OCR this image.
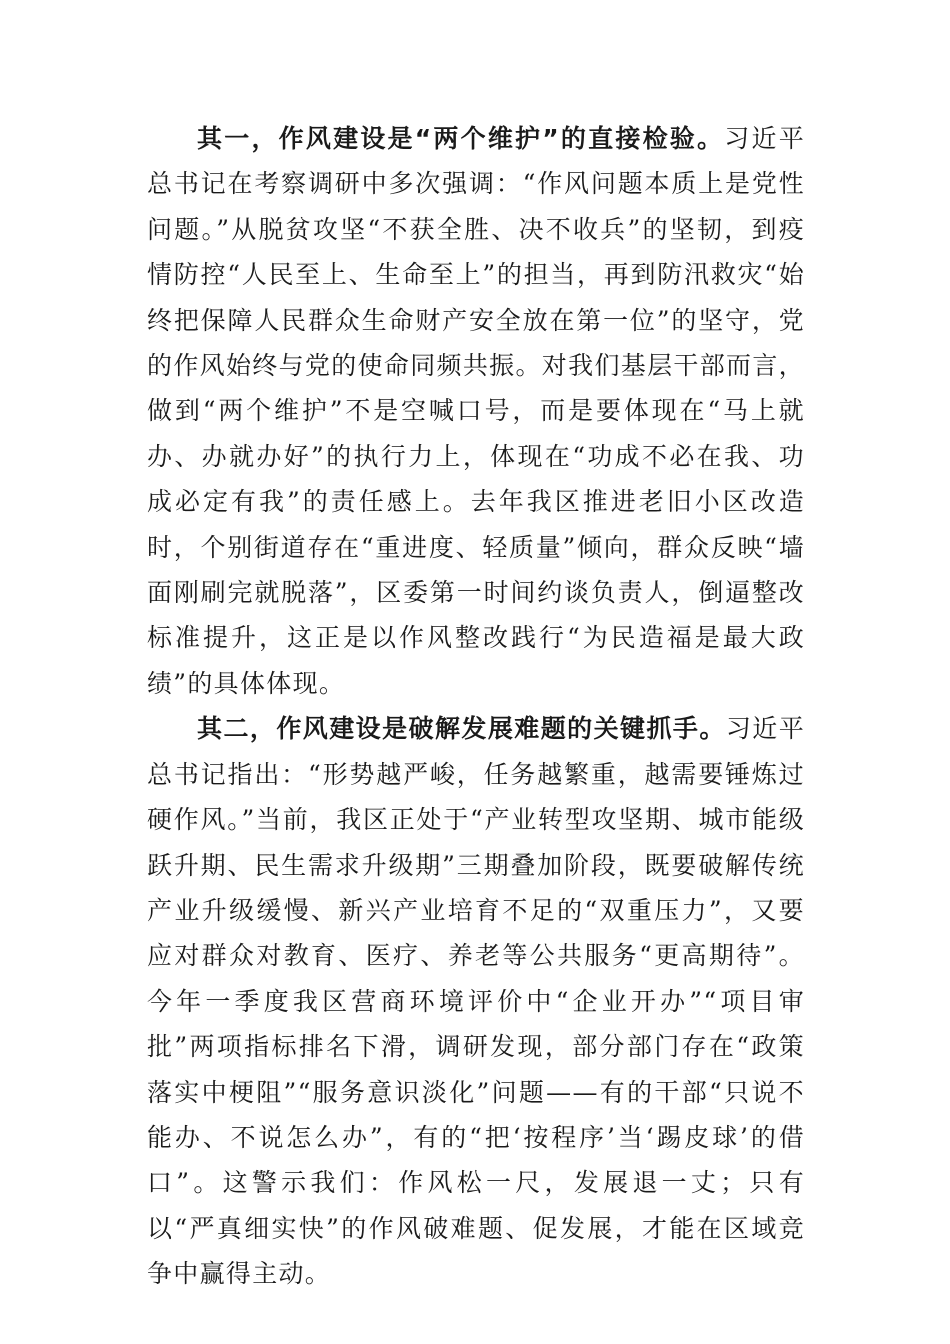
其一，作风建设是“两个维护”的直接检验。习近平总书记在考察调研中多次强调：“作风问题本质上是党性问题。”从脱贫攻坚“不获全胜、决不收兵”的坚韧，到疫情防控“人民至上、生命至上”的担当，再到防汛救灾“始终把保障人民群众生命财产安全放在第一位”的坚守，党的作风始终与党的使命同频共振。对我们基层干部而言，做到“两个维护”不是空喊口号，而是要体现在“马上就办、办就办好”的执行力上，体现在“功成不必在我、功成必定有我”的责任感上。去年我区推进老旧小区改造时，个别街道存在“重进度、轻质量”倾向，群众反映“墙面刚刷完就脱落”，区委第一时间约谈负责人，倒逼整改标准提升，这正是以作风整改践行“为民造福是最大政绩”的具体体现。

其二，作风建设是破解发展难题的关键抓手。习近平总书记指出：“形势越严峻，任务越繁重，越需要锤炼过硬作风。”当前，我区正处于“产业转型攻坚期、城市能级跃升期、民生需求升级期”三期叠加阶段，既要破解传统产业升级缓慢、新兴产业培育不足的“双重压力”，又要应对群众对教育、医疗、养老等公共服务“更高期待”。今年一季度我区营商环境评价中“企业开办”“项目审批”两项指标排名下滑，调研发现，部分部门存在“政策落实中梗阻”“服务意识淡化”问题——有的干部“只说不能办、不说怎么办”，有的“把‘按程序’当‘踢皮球’的借口”。这警示我们：作风松一尺，发展退一丈；只有以“严真细实快”的作风破难题、促发展，才能在区域竞争中赢得主动。
